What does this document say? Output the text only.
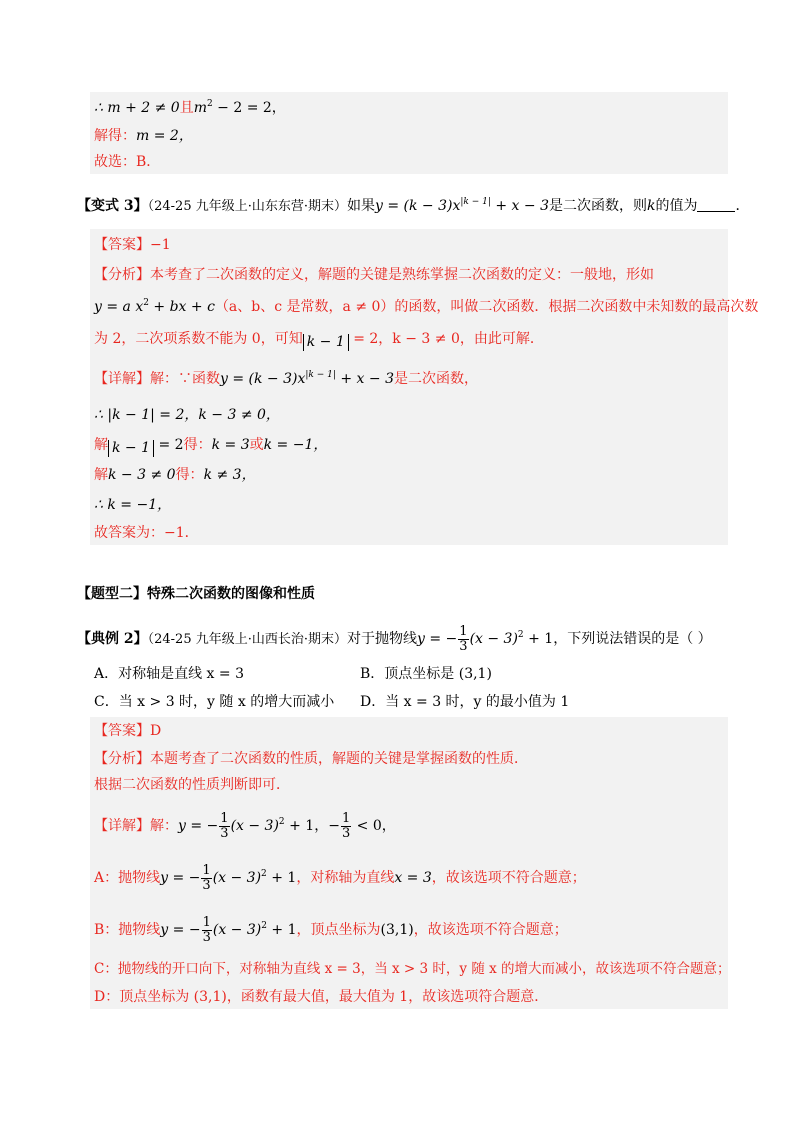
∴ m + 2 ≠ 0且$m^2 - 2 = 2$，
解得：m = 2，
故选：B．
【变式 3】（24-25 九年级上·山东东营·期末）如果$y = (k - 3)x^{|k - 1|} + x - 3$是二次函数，则k的值为	．
【答案】−1
【分析】本考查了二次函数的定义，解题的关键是熟练掌握二次函数的定义：一般地，形如
y = a $x^2$ + bx + c（a、b、c 是常数，a ≠ 0）的函数，叫做二次函数．根据二次函数中未知数的最高次数
为 2，二次项系数不能为 0，可知 k − 1 = 2，k − 3 ≠ 0，由此可解．
【详解】解：∵函数$y = (k - 3)x^{|k - 1|} + x - 3$是二次函数，
∴ |k − 1| = 2，k − 3 ≠ 0，
解 k − 1 = 2得：k = 3或k = −1，
解k − 3 ≠ 0得：k ≠ 3，
∴ k = −1，
故答案为：−1．
【题型二】特殊二次函数的图像和性质
【典例 2】（24-25 九年级上·山西长治·期末）对于抛物线y = − $\frac{1}{3} (x - 3)^2 + 1$，下列说法错误的是（ ）
A．对称轴是直线 x = 3	B．顶点坐标是 (3,1)
C．当 x > 3 时，y 随 x 的增大而减小 D．当 x = 3 时，y 的最小值为 1
【答案】D
【分析】本题考查了二次函数的性质，解题的关键是掌握函数的性质．
根据二次函数的性质判断即可．
【详解】解：y = − $\frac{1}{3} (x - 3)^2 + 1$，− $\frac{1}{3} < 0$，
A：抛物线y = − $\frac{1}{3} (x - 3)^2 + 1$，对称轴为直线x = 3，故该选项不符合题意；
B：抛物线y = − $\frac{1}{3} (x - 3)^2 + 1$，顶点坐标为(3,1)，故该选项不符合题意；
C：抛物线的开口向下，对称轴为直线 x = 3，当 x > 3 时，y 随 x 的增大而减小，故该选项不符合题意；
D：顶点坐标为 (3,1)，函数有最大值，最大值为 1，故该选项符合题意．
